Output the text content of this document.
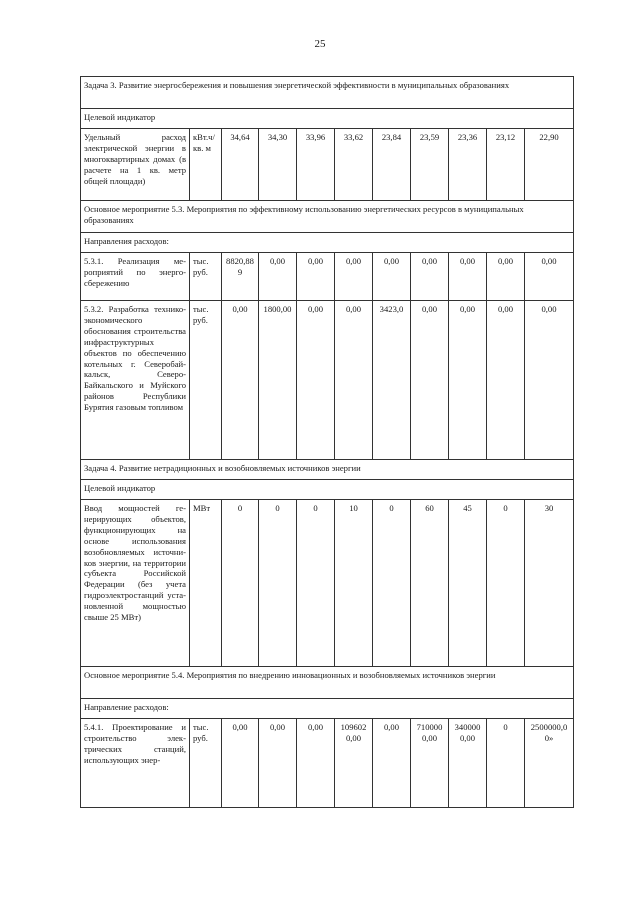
25
Задача 3. Развитие энергосбережения и повышения энергетической эффективности в муниципальных образованиях										
Целевой индикатор										
Удельный расход электрической энергии в многоквартирных домах (в расчете на 1 кв. метр общей площади)	кВт.ч/ кв. м	34,64	34,30	33,96	33,62	23,84	23,59	23,36	23,12	22,90
Основное мероприятие 5.3. Мероприятия по эффективному использованию энергетических ресурсов в муниципальных образованиях										
Направления расходов:										
5.3.1. Реализация мероприятий по энергосбережению	тыс. руб.	8820,889	0,00	0,00	0,00	0,00	0,00	0,00	0,00	0,00
5.3.2. Разработка технико-экономического обоснования строительства инфраструктурных объектов по обеспечению котельных г. Северобайкальск, Северо-Байкальского и Муйского районов Республики Бурятия газовым топливом	тыс. руб.	0,00	1800,00	0,00	0,00	3423,0	0,00	0,00	0,00	0,00
Задача 4. Развитие нетрадиционных и возобновляемых источников энергии										
Целевой индикатор										
Ввод мощностей генерирующих объектов, функционирующих на основе использования возобновляемых источников энергии, на территории субъекта Российской Федерации (без учета гидроэлектростанций установленной мощностью свыше 25 МВт)	МВт	0	0	0	10	0	60	45	0	30
Основное мероприятие 5.4. Мероприятия по внедрению инновационных и возобновляемых источников энергии										
Направление расходов:										
5.4.1. Проектирование и строительство электрических станций, использующих энер-	тыс. руб.	0,00	0,00	0,00	1096020,00	0,00	7100000,00	3400000,00	0	2500000,00»
